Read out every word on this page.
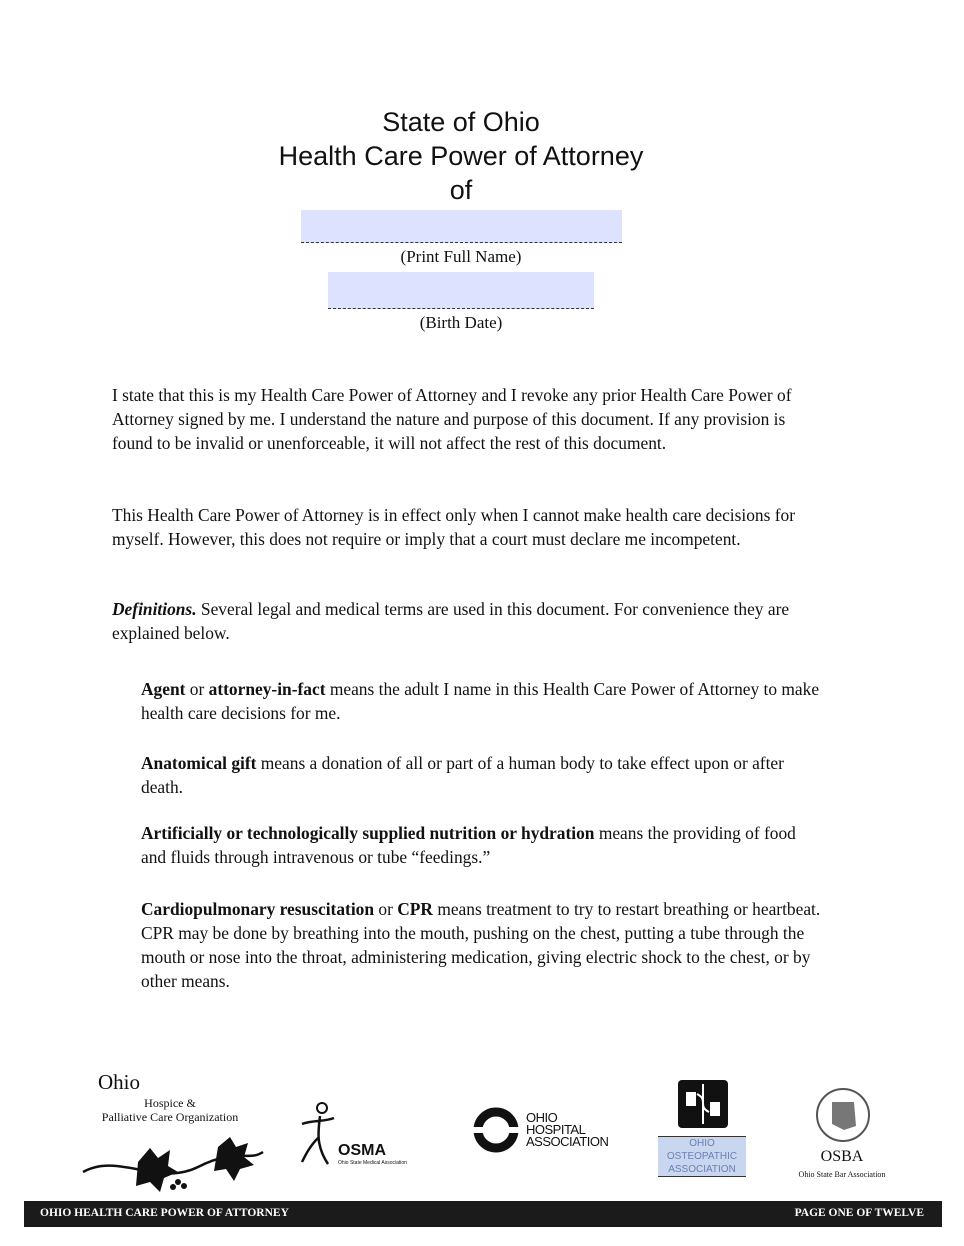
State of Ohio
Health Care Power of Attorney
of
(Print Full Name)
(Birth Date)
I state that this is my Health Care Power of Attorney and I revoke any prior Health Care Power of Attorney signed by me. I understand the nature and purpose of this document. If any provision is found to be invalid or unenforceable, it will not affect the rest of this document.
This Health Care Power of Attorney is in effect only when I cannot make health care decisions for myself. However, this does not require or imply that a court must declare me incompetent.
Definitions. Several legal and medical terms are used in this document. For convenience they are explained below.
Agent or attorney-in-fact means the adult I name in this Health Care Power of Attorney to make health care decisions for me.
Anatomical gift means a donation of all or part of a human body to take effect upon or after death.
Artificially or technologically supplied nutrition or hydration means the providing of food and fluids through intravenous or tube “feedings.”
Cardiopulmonary resuscitation or CPR means treatment to try to restart breathing or heartbeat. CPR may be done by breathing into the mouth, pushing on the chest, putting a tube through the mouth or nose into the throat, administering medication, giving electric shock to the chest, or by other means.
Ohio
Hospice &
Palliative Care Organization
OSMA
Ohio State Medical Association
OHIO
HOSPITAL
ASSOCIATION	OHIO
OSTEOPATHIC
ASSOCIATION
OSBA
Ohio State Bar Association
OHIO HEALTH CARE POWER OF ATTORNEY	PAGE ONE OF TWELVE
